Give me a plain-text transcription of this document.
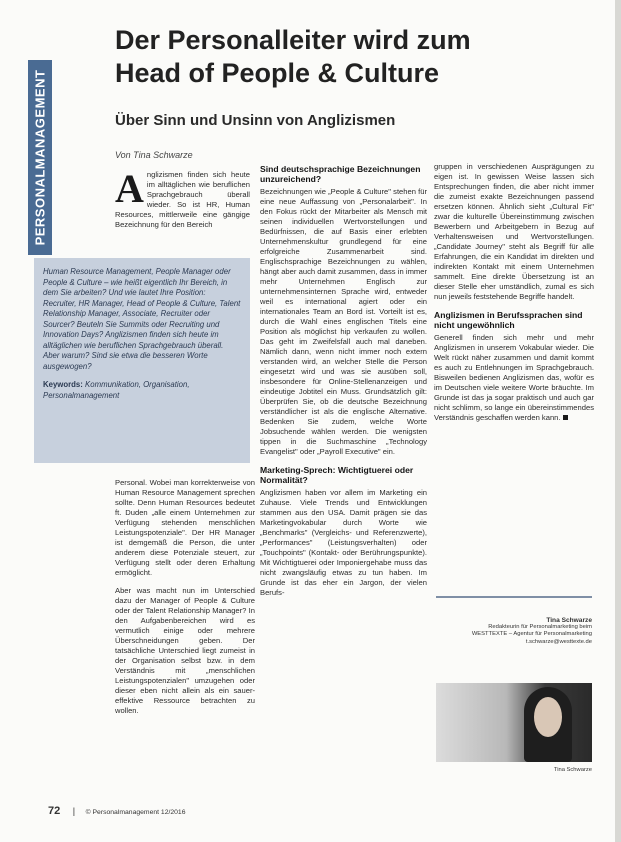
PERSONALMANAGEMENT
Der Personalleiter wird zum Head of People & Culture
Über Sinn und Unsinn von Anglizismen
Von Tina Schwarze
A nglizismen finden sich heute im alltäglichen wie beruflichen Sprachgebrauch überall wieder. So ist HR, Human Resources, mittlerweile eine gängige Bezeichnung für den Bereich
Human Resource Management, People Manager oder People & Culture – wie heißt eigentlich Ihr Bereich, in dem Sie arbeiten? Und wie lautet Ihre Position: Recruiter, HR Manager, Head of People & Culture, Talent Relationship Manager, Associate, Recruiter oder Sourcer? Beuteln Sie Summits oder Recruiting und Innovation Days? Anglizismen finden sich heute im alltäglichen wie beruflichen Sprachgebrauch überall. Aber warum? Sind sie etwa die besseren Worte ausgewogen?
Keywords: Kommunikation, Organisation, Personalmanagement

Personal. Wobei man korrekterweise von Human Resource Management sprechen sollte. Denn Human Resources bedeutet ft. Duden „alle einem Unternehmen zur Verfügung stehenden menschlichen Leistungspotenziale". Der HR Manager ist demgemäß die Person, die unter anderem diese Potenziale steuert, zur Verfügung stellt oder deren Erhaltung ermöglicht.

Aber was macht nun im Unterschied dazu der Manager of People & Culture oder der Talent Relationship Manager? In den Aufgabenbereichen wird es vermutlich einige oder mehrere Überschneidungen geben. Der tatsächliche Unterschied liegt zumeist in der Organisation selbst bzw. in dem Verständnis mit „menschlichen Leistungspotenzialen" umzugehen oder dieser eben nicht allein als ein sauer-effektive Ressource betrachten zu wollen.

Sind deutschsprachige Bezeichnungen unzureichend?

Bezeichnungen wie „People & Culture" stehen für eine neue Auffassung von „Personalarbeit". In den Fokus rückt der Mitarbeiter als Mensch mit seinen individuellen Wertvorstellungen und Bedürfnissen, die auf Basis einer erlebten Unternehmenskultur grundlegend für eine erfolgreiche Zusammenarbeit sind. Englischsprachige Bezeichnungen zu wählen, hängt aber auch damit zusammen, dass in immer mehr Unternehmen Englisch zur unternehmensinternen Sprache wird, entweder weil es international agiert oder ein internationales Team an Bord ist. Vorteilt ist es, durch die Wahl eines englischen Titels eine Position als möglichst hip verkaufen zu wollen. Das geht im Zweifelsfall auch mal daneben. Nämlich dann, wenn nicht immer noch extern verstanden wird, an welcher Stelle die Person eingesetzt wird und was sie ausüben soll, insbesondere für Online-Stellenanzeigen und eindeutige Jobtitel ein Muss. Grundsätzlich gilt: Überprüfen Sie, ob die deutsche Bezeichnung verständlicher ist als die englische Alternative. Bedenken Sie zudem, welche Worte Jobsuchende wählen werden. Die wenigsten tippen in die Suchmaschine „Technology Evangelist" oder „Payroll Executive" ein.

Marketing-Sprech: Wichtigtuerei oder Normalität?

Anglizismen haben vor allem im Marketing ein Zuhause. Viele Trends und Entwicklungen stammen aus den USA. Damit prägen sie das Marketingvokabular durch Worte wie „Benchmarks" (Vergleichs- und Referenzwerte), „Performances" (Leistungsverhalten) oder „Touchpoints" (Kontakt- oder Berührungspunkte). Mit Wichtigtuerei oder Imponiergehabe muss das nicht zwangsläufig etwas zu tun haben. Im Grunde ist das eher ein Jargon, der vielen Berufs-

gruppen in verschiedenen Ausprägungen zu eigen ist. In gewissen Weise lassen sich Entsprechungen finden, die aber nicht immer die zumeist exakte Bezeichnungen passend ersetzen können. Ähnlich sieht „Cultural Fit" zwar die kulturelle Übereinstimmung zwischen Bewerbern und Arbeitgebern in Bezug auf Verhaltensweisen und Wertvorstellungen. „Candidate Journey" steht als Begriff für alle Erfahrungen, die ein Kandidat im direkten und indirekten Kontakt mit einem Unternehmen sammelt. Eine direkte Übersetzung ist an dieser Stelle eher umständlich, zumal es sich nun jeweils feststehende Begriffe handelt.

Anglizismen in Berufssprachen sind nicht ungewöhnlich

Generell finden sich mehr und mehr Anglizismen in unserem Vokabular wieder. Die Welt rückt näher zusammen und damit kommt es auch zu Entlehnungen im Sprachgebrauch. Bisweilen bedienen Anglizismen das, wofür es im Deutschen viele weitere Worte bräuchte. Im Grunde ist das ja sogar praktisch und auch gar nicht schlimm, so lange ein übereinstimmendes Verständnis geschaffen werden kann.

Tina Schwarze
Redakteurin für Personalmarketing beim
WESTTEXTE – Agentur für Personalmarketing
t.schwarze@westtexte.de
Tina Schwarze
72 | © Personalmanagement 12/2016
